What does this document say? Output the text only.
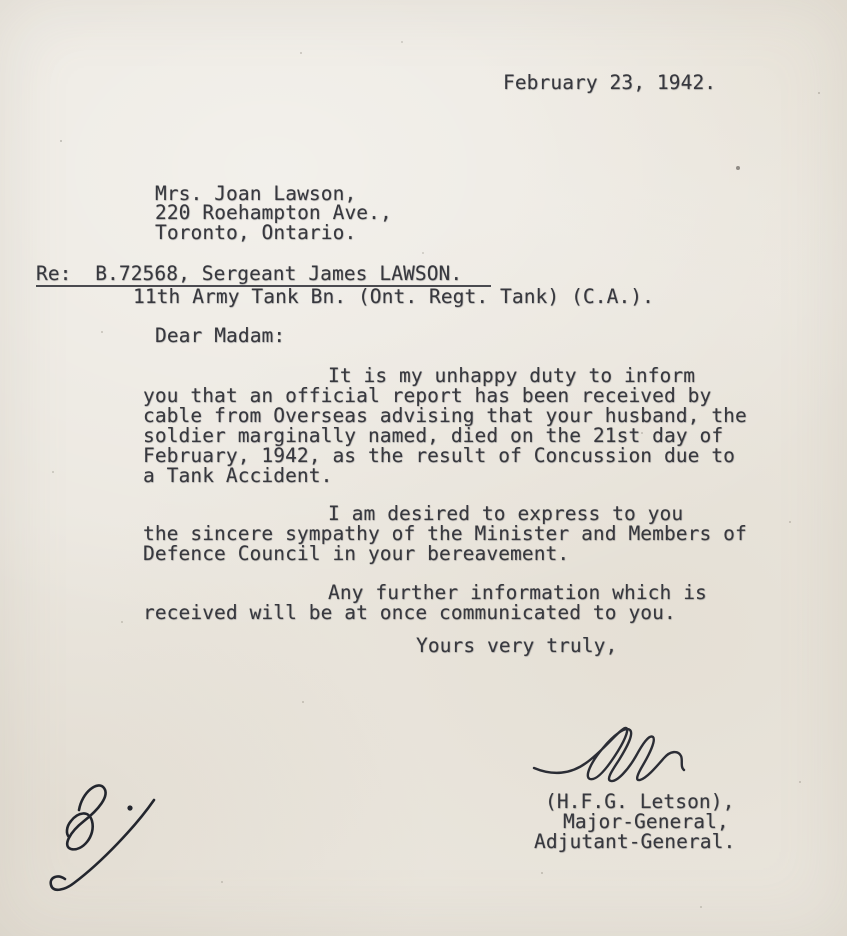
February 23, 1942.
Mrs. Joan Lawson,
220 Roehampton Ave.,
Toronto, Ontario.
Re:  B.72568, Sergeant James LAWSON.
11th Army Tank Bn. (Ont. Regt. Tank) (C.A.).
Dear Madam:
It is my unhappy duty to inform
you that an official report has been received by
cable from Overseas advising that your husband, the
soldier marginally named, died on the 21st day of
February, 1942, as the result of Concussion due to
a Tank Accident.
I am desired to express to you
the sincere sympathy of the Minister and Members of
Defence Council in your bereavement.
Any further information which is
received will be at once communicated to you.
Yours very truly,
(H.F.G. Letson),
Major-General,
Adjutant-General.
